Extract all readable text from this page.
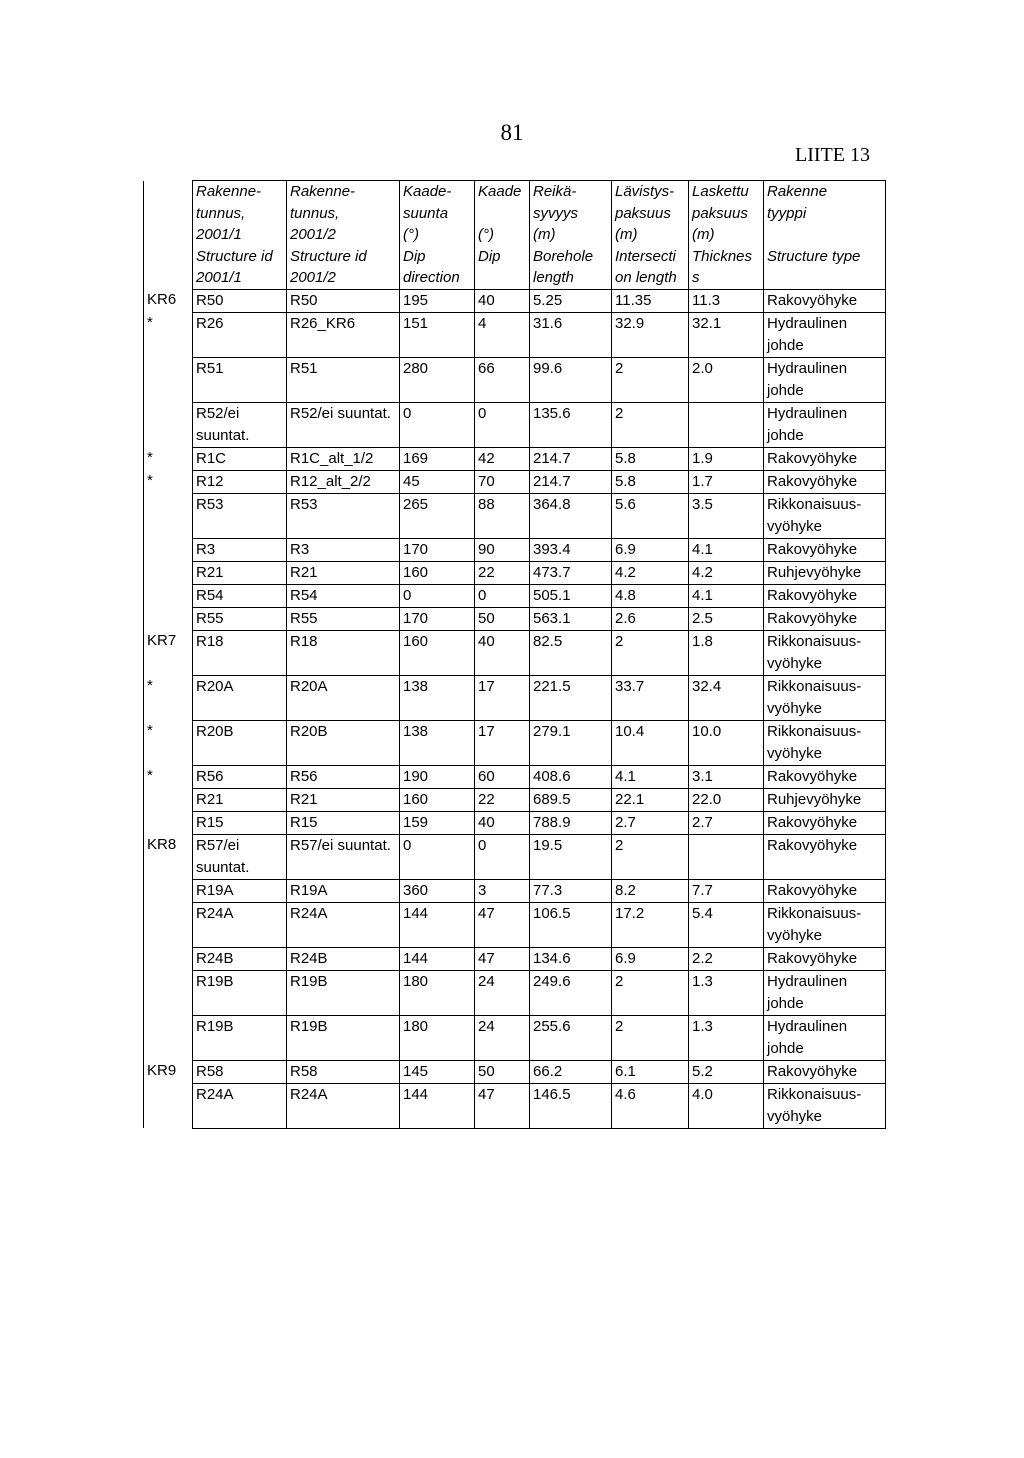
81
LIITE 13
	Rakenne-
tunnus,
2001/1
Structure id
2001/1	Rakenne-
tunnus,
2001/2
Structure id
2001/2	Kaade-
suunta
(°)
Dip
direction	Kaade

(°)
Dip	Reikä-
syvyys
(m)
Borehole
length	Lävistys-
paksuus
(m)
Intersecti
on length	Laskettu
paksuus
(m)
Thicknes
s	Rakenne
tyyppi

Structure type
KR6	R50	R50	195	40	5.25	11.35	11.3	Rakovyöhyke
*	R26	R26_KR6	151	4	31.6	32.9	32.1	Hydraulinen
johde
	R51	R51	280	66	99.6	2	2.0	Hydraulinen
johde
	R52/ei
suuntat.	R52/ei suuntat.	0	0	135.6	2		Hydraulinen
johde
*	R1C	R1C_alt_1/2	169	42	214.7	5.8	1.9	Rakovyöhyke
*	R12	R12_alt_2/2	45	70	214.7	5.8	1.7	Rakovyöhyke
	R53	R53	265	88	364.8	5.6	3.5	Rikkonaisuus-
vyöhyke
	R3	R3	170	90	393.4	6.9	4.1	Rakovyöhyke
	R21	R21	160	22	473.7	4.2	4.2	Ruhjevyöhyke
	R54	R54	0	0	505.1	4.8	4.1	Rakovyöhyke
	R55	R55	170	50	563.1	2.6	2.5	Rakovyöhyke
KR7	R18	R18	160	40	82.5	2	1.8	Rikkonaisuus-
vyöhyke
*	R20A	R20A	138	17	221.5	33.7	32.4	Rikkonaisuus-
vyöhyke
*	R20B	R20B	138	17	279.1	10.4	10.0	Rikkonaisuus-
vyöhyke
*	R56	R56	190	60	408.6	4.1	3.1	Rakovyöhyke
	R21	R21	160	22	689.5	22.1	22.0	Ruhjevyöhyke
	R15	R15	159	40	788.9	2.7	2.7	Rakovyöhyke
KR8	R57/ei
suuntat.	R57/ei suuntat.	0	0	19.5	2		Rakovyöhyke
	R19A	R19A	360	3	77.3	8.2	7.7	Rakovyöhyke
	R24A	R24A	144	47	106.5	17.2	5.4	Rikkonaisuus-
vyöhyke
	R24B	R24B	144	47	134.6	6.9	2.2	Rakovyöhyke
	R19B	R19B	180	24	249.6	2	1.3	Hydraulinen
johde
	R19B	R19B	180	24	255.6	2	1.3	Hydraulinen
johde
KR9	R58	R58	145	50	66.2	6.1	5.2	Rakovyöhyke
	R24A	R24A	144	47	146.5	4.6	4.0	Rikkonaisuus-
vyöhyke
